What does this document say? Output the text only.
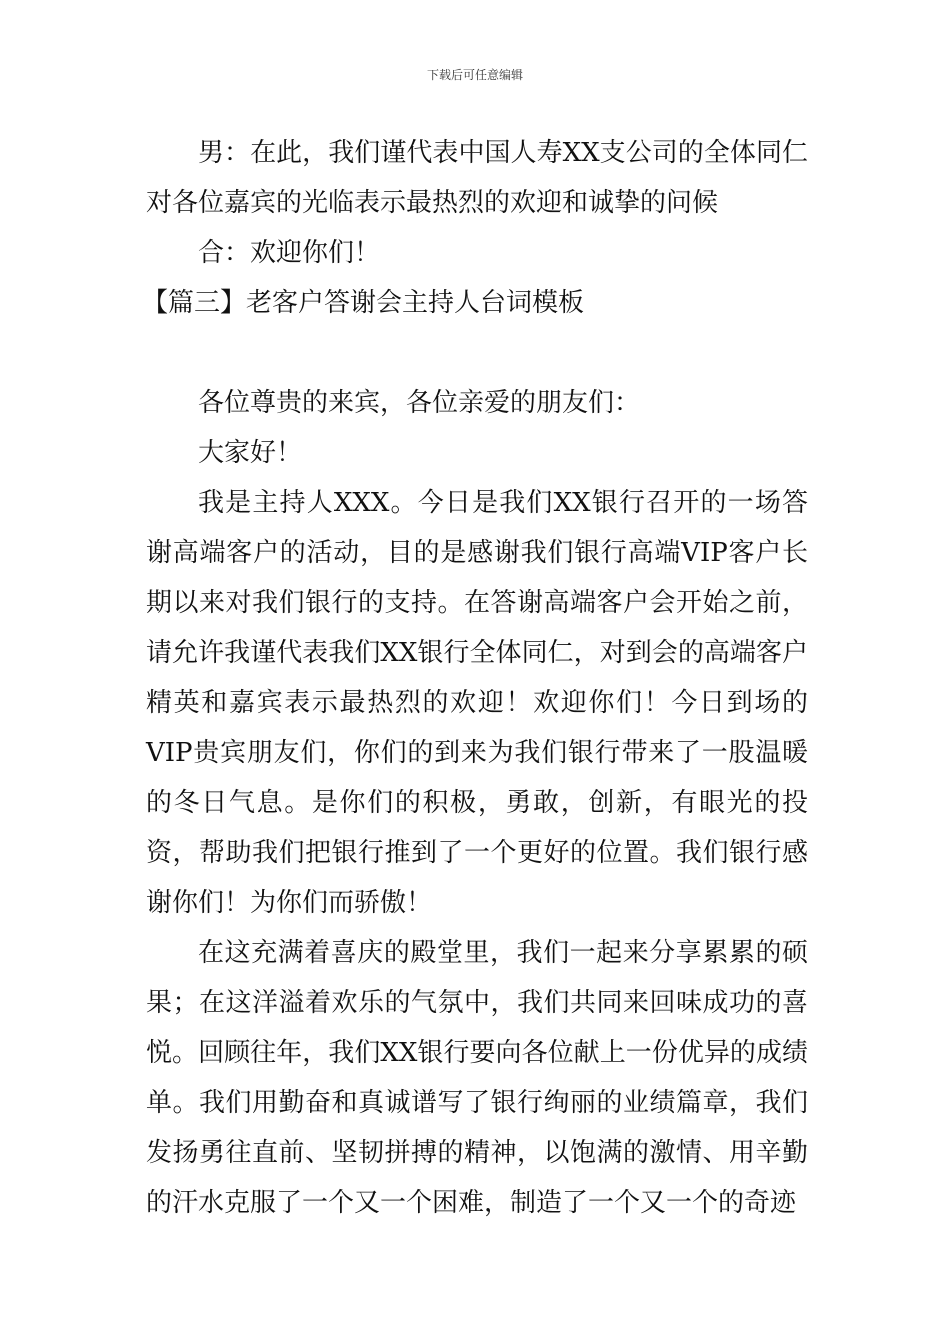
下载后可任意编辑

男：在此，我们谨代表中国人寿XX支公司的全体同仁对各位嘉宾的光临表示最热烈的欢迎和诚挚的问候

合：欢迎你们！

【篇三】老客户答谢会主持人台词模板

各位尊贵的来宾，各位亲爱的朋友们：

大家好！

我是主持人XXX。今日是我们XX银行召开的一场答谢高端客户的活动，目的是感谢我们银行高端VIP客户长期以来对我们银行的支持。在答谢高端客户会开始之前，请允许我谨代表我们XX银行全体同仁，对到会的高端客户精英和嘉宾表示最热烈的欢迎！欢迎你们！今日到场的VIP贵宾朋友们，你们的到来为我们银行带来了一股温暖的冬日气息。是你们的积极，勇敢，创新，有眼光的投资，帮助我们把银行推到了一个更好的位置。我们银行感谢你们！为你们而骄傲！

在这充满着喜庆的殿堂里，我们一起来分享累累的硕果；在这洋溢着欢乐的气氛中，我们共同来回味成功的喜悦。回顾往年，我们XX银行要向各位献上一份优异的成绩单。我们用勤奋和真诚谱写了银行绚丽的业绩篇章，我们发扬勇往直前、坚韧拼搏的精神，以饱满的激情、用辛勤的汗水克服了一个又一个困难，制造了一个又一个的奇迹
